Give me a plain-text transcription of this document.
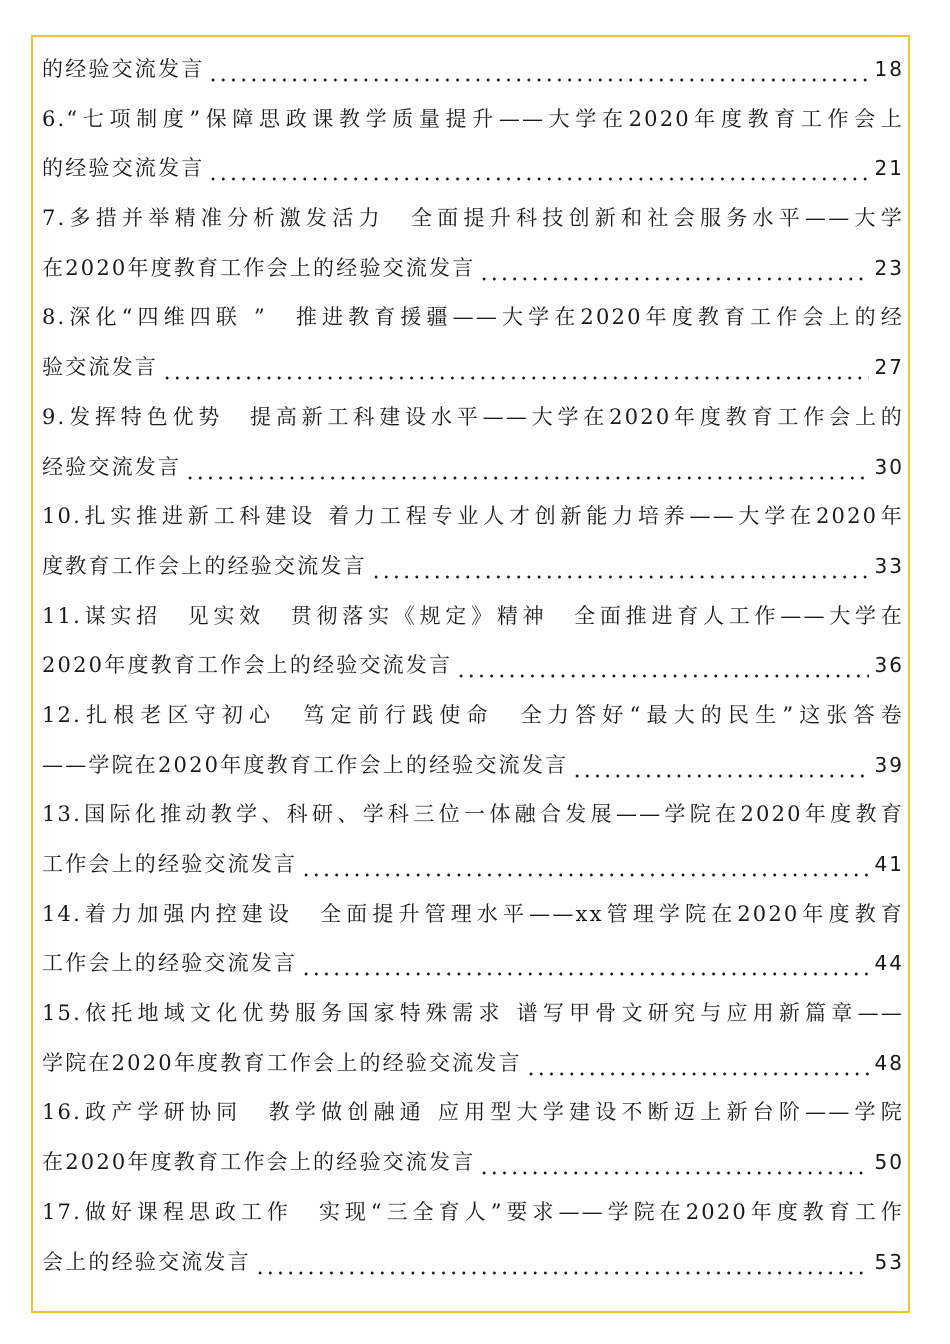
的经验交流发言	18
6.“七项制度”保障思政课教学质量提升——大学在2020年度教育工作会上
的经验交流发言	21
7.多措并举精准分析激发活力　全面提升科技创新和社会服务水平——大学
在2020年度教育工作会上的经验交流发言	23
8.深化“四维四联 ”　推进教育援疆——大学在2020年度教育工作会上的经
验交流发言	27
9.发挥特色优势　提高新工科建设水平——大学在2020年度教育工作会上的
经验交流发言	30
10.扎实推进新工科建设 着力工程专业人才创新能力培养——大学在2020年
度教育工作会上的经验交流发言	33
11.谋实招　见实效　贯彻落实《规定》精神　全面推进育人工作——大学在
2020年度教育工作会上的经验交流发言	36
12.扎根老区守初心　笃定前行践使命　全力答好“最大的民生”这张答卷
——学院在2020年度教育工作会上的经验交流发言	39
13.国际化推动教学、科研、学科三位一体融合发展——学院在2020年度教育
工作会上的经验交流发言	41
14.着力加强内控建设　全面提升管理水平——xx管理学院在2020年度教育
工作会上的经验交流发言	44
15.依托地域文化优势服务国家特殊需求 谱写甲骨文研究与应用新篇章——
学院在2020年度教育工作会上的经验交流发言	48
16.政产学研协同　教学做创融通 应用型大学建设不断迈上新台阶——学院
在2020年度教育工作会上的经验交流发言	50
17.做好课程思政工作　实现“三全育人”要求——学院在2020年度教育工作
会上的经验交流发言	53
